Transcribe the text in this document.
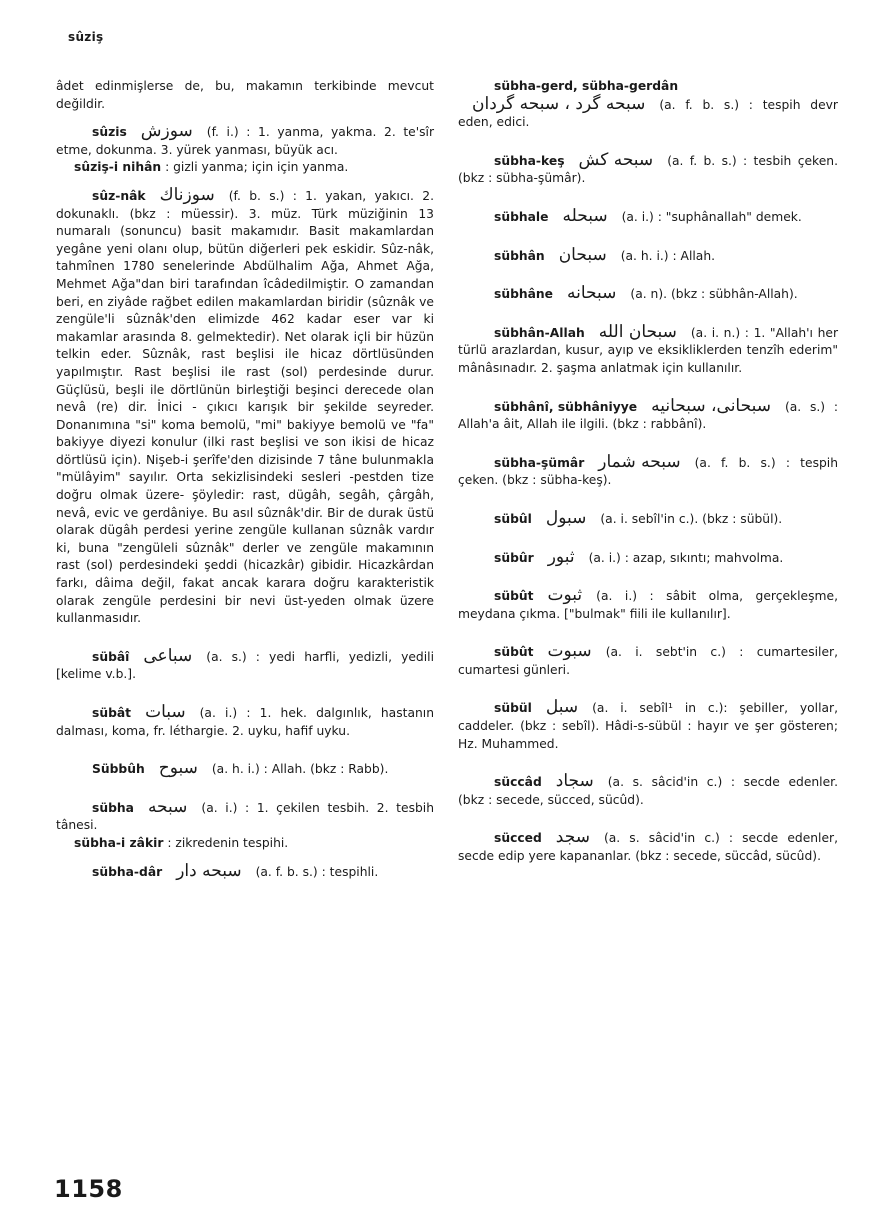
sûziş

âdet edinmişlerse de, bu, makamın terkibinde mevcut değildir.

sûzis سوزش (f. i.) : 1. yanma, yakma. 2. te'sîr etme, dokunma. 3. yürek yanması, büyük acı.

sûziş-i nihân : gizli yanma; için için yanma.

sûz-nâk سوزناك (f. b. s.) : 1. yakan, yakıcı. 2. dokunaklı. (bkz : müessir). 3. müz. Türk müziğinin 13 numaralı (sonuncu) basit makamıdır. Basit makamlardan yegâne yeni olanı olup, bütün diğerleri pek eskidir. Sûz-nâk, tahmînen 1780 senelerinde Abdülhalim Ağa, Ahmet Ağa, Mehmet Ağa"dan biri tarafından îcâdedilmiştir. O zamandan beri, en ziyâde rağbet edilen makamlardan biridir (sûznâk ve zengüle'li sûznâk'den elimizde 462 kadar eser var ki makamlar arasında 8. gelmektedir). Net olarak içli bir hüzün telkin eder. Sûznâk, rast beşlisi ile hicaz dörtlüsünden yapılmıştır. Rast beşlisi ile rast (sol) perdesinde durur. Güçlüsü, beşli ile dörtlünün birleştiği beşinci derecede olan nevâ (re) dir. İnici - çıkıcı karışık bir şekilde seyreder. Donanımına "si" koma bemolü, "mi" bakiyye bemolü ve "fa" bakiyye diyezi konulur (ilki rast beşlisi ve son ikisi de hicaz dörtlüsü için). Nişeb-i şerîfe'den dizisinde 7 tâne bulunmakla "mülâyim" sayılır. Orta sekizlisindeki sesleri -pestden tize doğru olmak üzere- şöyledir: rast, dügâh, segâh, çârgâh, nevâ, evic ve gerdâniye. Bu asıl sûznâk'dir. Bir de durak üstü olarak dügâh perdesi yerine zengüle kullanan sûznâk vardır ki, buna "zengüleli sûznâk" derler ve zengüle makamının rast (sol) perdesindeki şeddi (hicazkâr) gibidir. Hicazkârdan farkı, dâima değil, fakat ancak karara doğru karakteristik olarak zengüle perdesini bir nevi üst-yeden olmak üzere kullanmasıdır.

sübâî سباعى (a. s.) : yedi harfli, yedizli, yedili [kelime v.b.].

sübât سبات (a. i.) : 1. hek. dalgınlık, hastanın dalması, koma, fr. léthargie. 2. uyku, hafif uyku.

Sübbûh سبوح (a. h. i.) : Allah. (bkz : Rabb).

sübha سبحه (a. i.) : 1. çekilen tesbih. 2. tesbih tânesi.

sübha-i zâkir : zikredenin tespihi.

sübha-dâr سبحه دار (a. f. b. s.) : tespihli.

sübha-gerd, sübha-gerdânسبحه گرد ، سبحه گردان (a. f. b. s.) : tespih devr eden, edici.

sübha-keş سبحه كش (a. f. b. s.) : tesbih çeken. (bkz : sübha-şümâr).

sübhale سبحله (a. i.) : "suphânallah" demek.

sübhân سبحان (a. h. i.) : Allah.

sübhâne سبحانه (a. n). (bkz : sübhân-Allah).

sübhân-Allah سبحان الله (a. i. n.) : 1. "Allah'ı her türlü arazlardan, kusur, ayıp ve eksikliklerden tenzîh ederim" mânâsınadır. 2. şaşma anlatmak için kullanılır.

sübhânî, sübhâniyye سبحانى، سبحانيه (a. s.) : Allah'a âit, Allah ile ilgili. (bkz : rabbânî).

sübha-şümâr سبحه شمار (a. f. b. s.) : tespih çeken. (bkz : sübha-keş).

sübûl سبول (a. i. sebîl'in c.). (bkz : sübül).

sübûr ثبور (a. i.) : azap, sıkıntı; mahvolma.

sübût ثبوت (a. i.) : sâbit olma, gerçekleşme, meydana çıkma. ["bulmak" fiili ile kullanılır].

sübût سبوت (a. i. sebt'in c.) : cumartesiler, cumartesi günleri.

sübül سبل (a. i. sebîl¹ in c.): şebiller, yollar, caddeler. (bkz : sebîl). Hâdi-s-sübül : hayır ve şer gösteren; Hz. Muhammed.

süccâd سجاد (a. s. sâcid'in c.) : secde edenler. (bkz : secede, sücced, sücûd).

sücced سجد (a. s. sâcid'in c.) : secde edenler, secde edip yere kapananlar. (bkz : secede, süccâd, sücûd).

1158
